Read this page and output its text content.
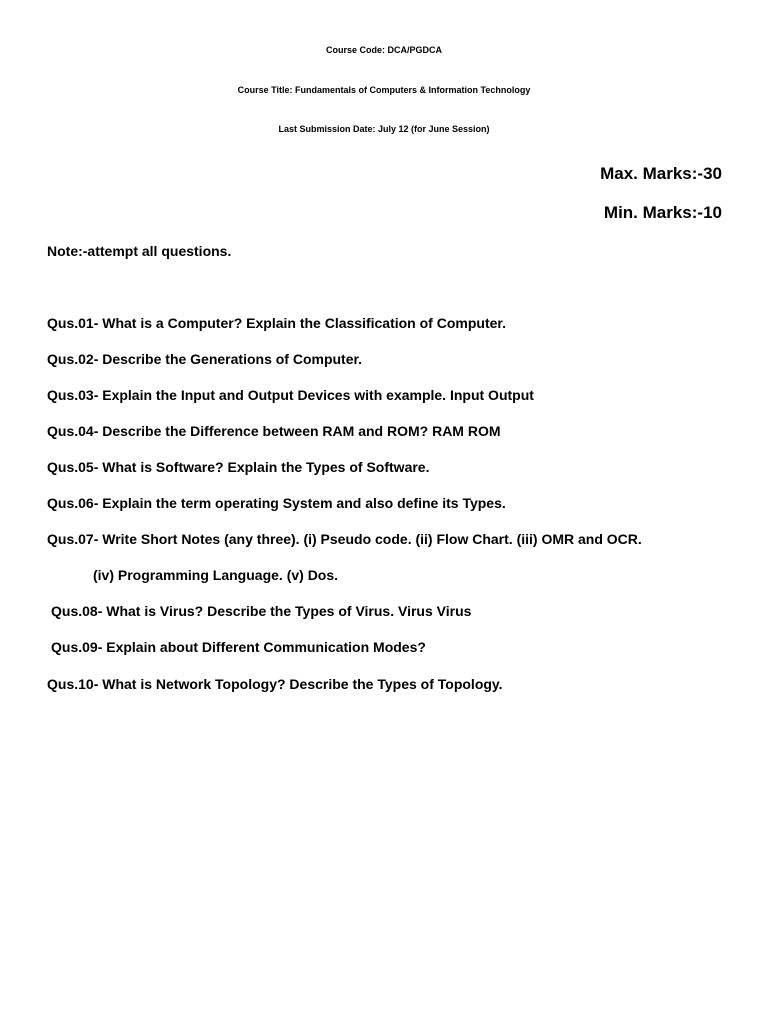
Course Code: DCA/PGDCA
Course Title: Fundamentals of Computers & Information Technology
Last Submission Date: July 12 (for June Session)
Max. Marks:-30
Min. Marks:-10
Note:-attempt all questions.
Qus.01- What is a Computer? Explain the Classification of Computer.
Qus.02- Describe the Generations of Computer.
Qus.03- Explain the Input and Output Devices with example. Input Output
Qus.04- Describe the Difference between RAM and ROM? RAM ROM
Qus.05- What is Software? Explain the Types of Software.
Qus.06- Explain the term operating System and also define its Types.
Qus.07- Write Short Notes (any three). (i) Pseudo code. (ii) Flow Chart. (iii) OMR and OCR.
(iv) Programming Language. (v) Dos.
Qus.08- What is Virus? Describe the Types of Virus. Virus Virus
Qus.09- Explain about Different Communication Modes?
Qus.10- What is Network Topology? Describe the Types of Topology.
